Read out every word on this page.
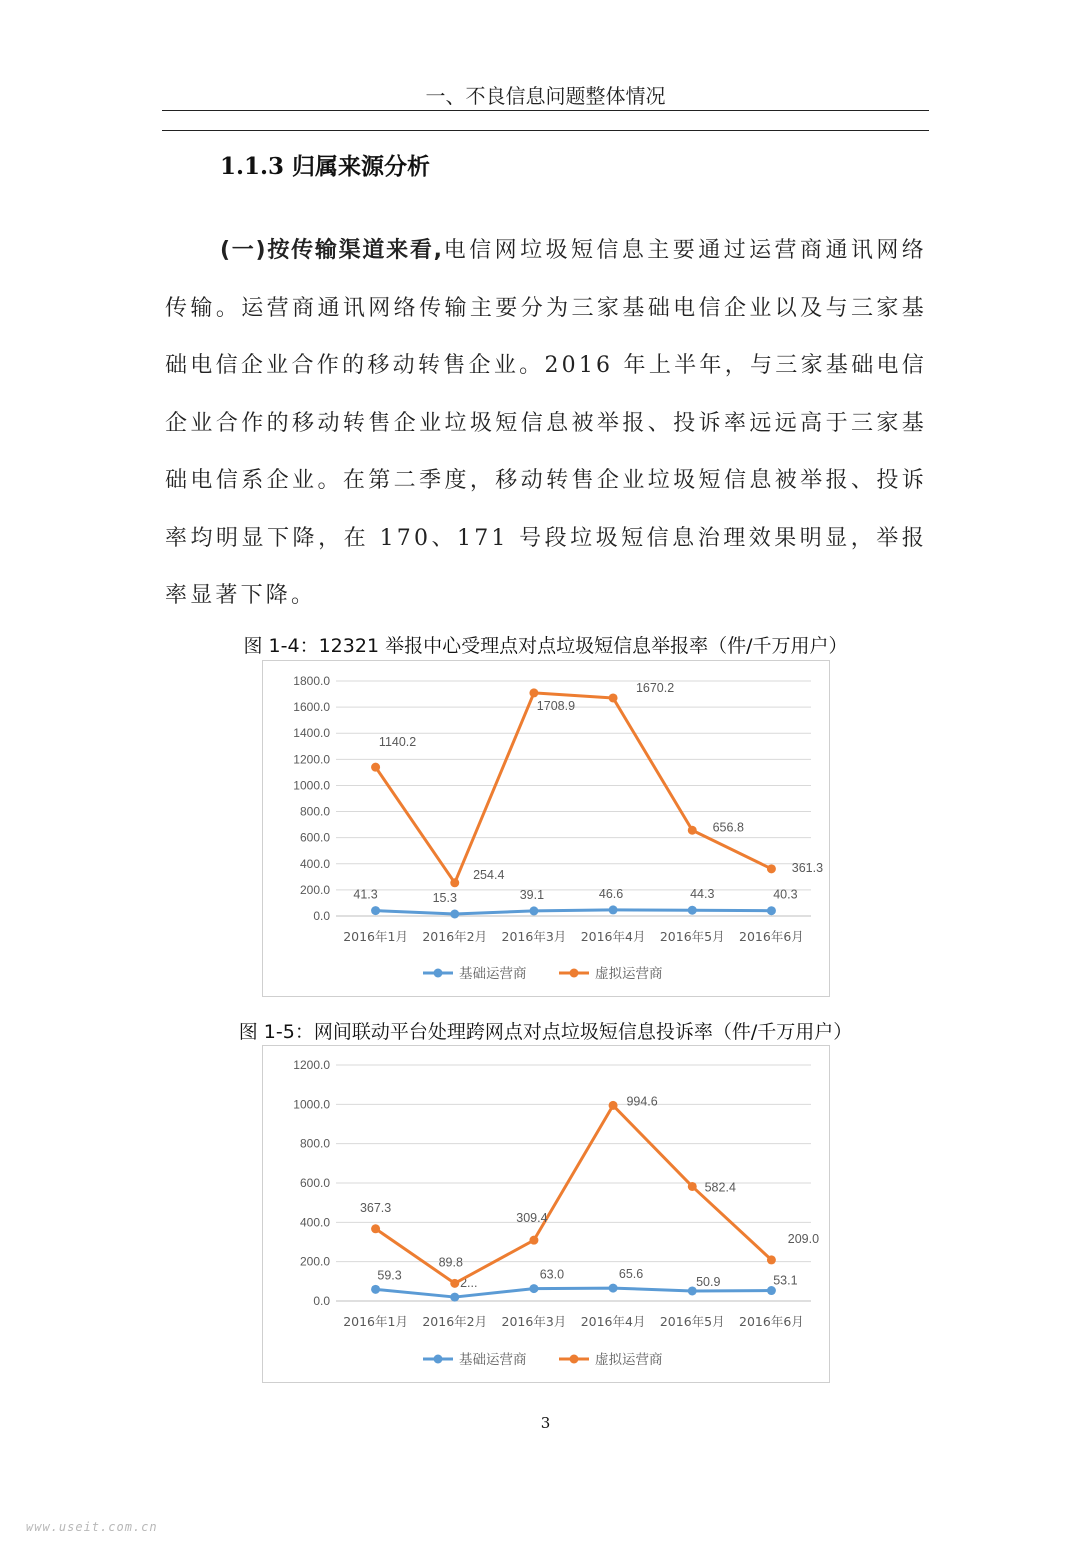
一、不良信息问题整体情况
1.1.3 归属来源分析
(一)按传输渠道来看,电信网垃圾短信息主要通过运营商通讯网络传输。运营商通讯网络传输主要分为三家基础电信企业以及与三家基础电信企业合作的移动转售企业。2016 年上半年，与三家基础电信企业合作的移动转售企业垃圾短信息被举报、投诉率远远高于三家基础电信系企业。在第二季度，移动转售企业垃圾短信息被举报、投诉率均明显下降，在 170、171 号段垃圾短信息治理效果明显，举报率显著下降。
图 1-4：12321 举报中心受理点对点垃圾短信息举报率（件/千万用户）
0.0
200.0
400.0
600.0
800.0
1000.0
1200.0
1400.0
1600.0
1800.0
2016年1月 2016年2月 2016年3月 2016年4月 2016年5月 2016年6月
41.3	15.3	39.1	46.6	44.3	40.3
1140.2
254.4
1708.9
1670.2
656.8
361.3
基础运营商	虚拟运营商
图 1-5：网间联动平台处理跨网点对点垃圾短信息投诉率（件/千万用户）
0.0
200.0
400.0
600.0
800.0
1000.0
1200.0
2016年1月 2016年2月 2016年3月 2016年4月 2016年5月 2016年6月
59.3
2...
63.0	65.6
50.9	53.1
367.3
89.8
309.4
994.6
582.4
209.0
基础运营商	虚拟运营商
3
www.useit.com.cn
